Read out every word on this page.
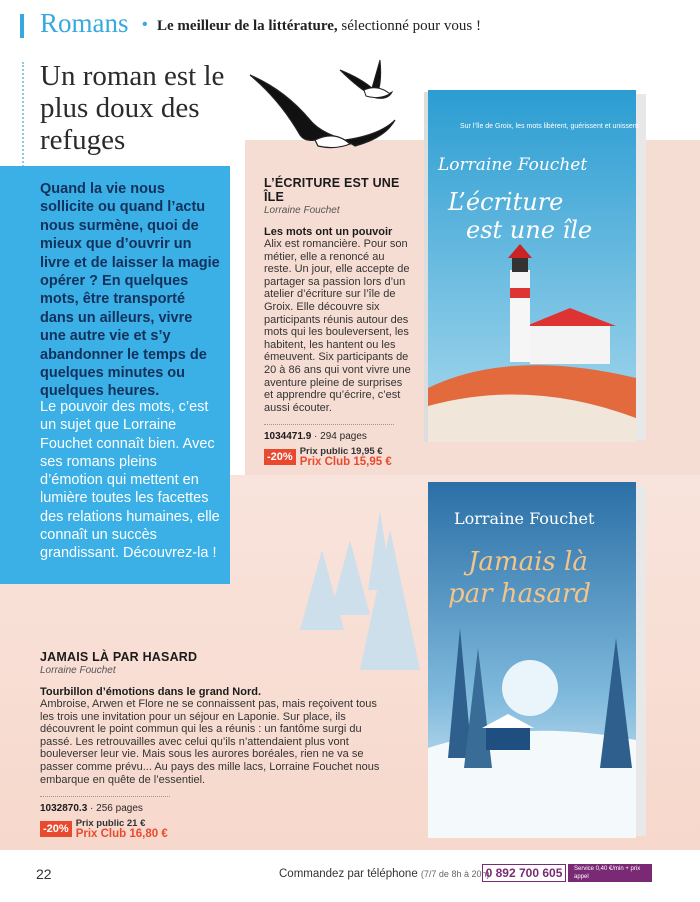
Romans • Le meilleur de la littérature, sélectionné pour vous !
Un roman est le plus doux des refuges
Quand la vie nous sollicite ou quand l’actu nous surmène, quoi de mieux que d’ouvrir un livre et de laisser la magie opérer ? En quelques mots, être transporté dans un ailleurs, vivre une autre vie et s’y abandonner le temps de quelques minutes ou quelques heures.
Le pouvoir des mots, c’est un sujet que Lorraine Fouchet connaît bien. Avec ses romans pleins d’émotion qui mettent en lumière toutes les facettes des relations humaines, elle connaît un succès grandissant. Découvrez-la !
Sur l’île de Groix, les mots libèrent, guérissent et unissent
Lorraine Fouchet
L’écriture
est une île
Lorraine Fouchet
Jamais là
par hasard
L’ÉCRITURE EST UNE ÎLE
Lorraine Fouchet
Les mots ont un pouvoir
Alix est romancière. Pour son métier, elle a renoncé au reste. Un jour, elle accepte de partager sa passion lors d’un atelier d’écriture sur l’île de Groix. Elle découvre six participants réunis autour des mots qui les bouleversent, les habitent, les hantent ou les émeuvent. Six participants de 20 à 86 ans qui vont vivre une aventure pleine de surprises et apprendre qu’écrire, c’est aussi écouter.
1034471.9 · 294 pages
-20% Prix public 19,95 €
Prix Club 15,95 €
JAMAIS LÀ PAR HASARD
Lorraine Fouchet
Tourbillon d’émotions dans le grand Nord.
Ambroise, Arwen et Flore ne se connaissent pas, mais reçoivent tous les trois une invitation pour un séjour en Laponie. Sur place, ils découvrent le point commun qui les a réunis : un fantôme surgi du passé. Les retrouvailles avec celui qu’ils n’attendaient plus vont bouleverser leur vie. Mais sous les aurores boréales, rien ne va se passer comme prévu... Au pays des mille lacs, Lorraine Fouchet nous embarque en quête de l’essentiel.
1032870.3 · 256 pages
-20% Prix public 21 €
Prix Club 16,80 €
22	Commandez par téléphone (7/7 de 8h à 20h)
0 892 700 605	Service 0,40 €/min + prix appel
